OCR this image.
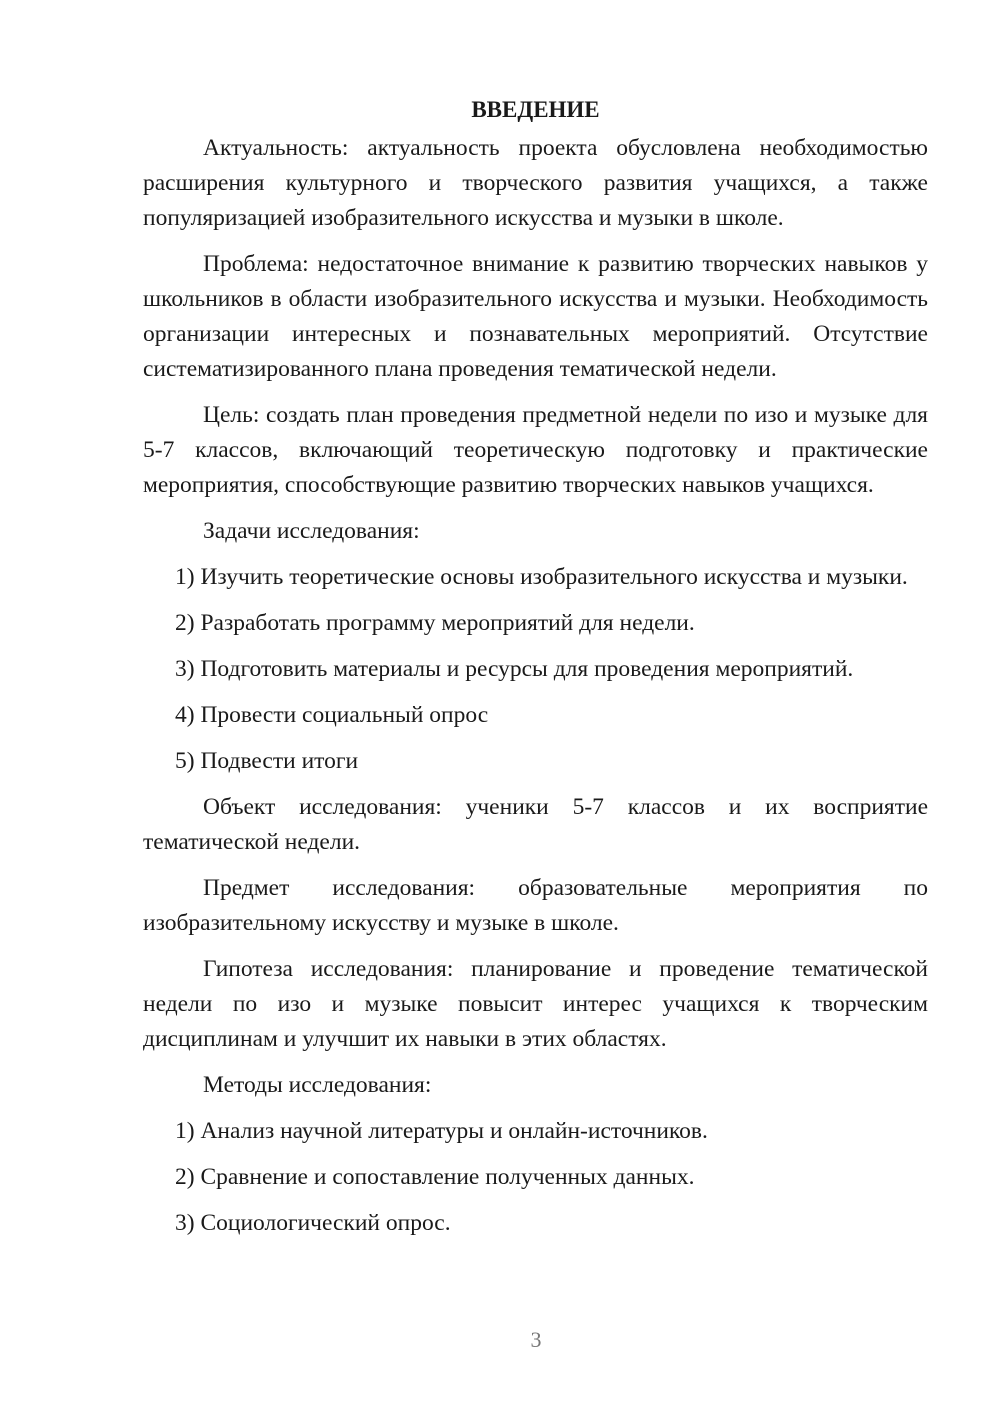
ВВЕДЕНИЕ
Актуальность: актуальность проекта обусловлена необходимостью расширения культурного и творческого развития учащихся, а также популяризацией изобразительного искусства и музыки в школе.
Проблема: недостаточное внимание к развитию творческих навыков у школьников в области изобразительного искусства и музыки. Необходимость организации интересных и познавательных мероприятий. Отсутствие систематизированного плана проведения тематической недели.
Цель: создать план проведения предметной недели по изо и музыке для 5-7 классов, включающий теоретическую подготовку и практические мероприятия, способствующие развитию творческих навыков учащихся.
Задачи исследования:
1) Изучить теоретические основы изобразительного искусства и музыки.
2) Разработать программу мероприятий для недели.
3) Подготовить материалы и ресурсы для проведения мероприятий.
4) Провести социальный опрос
5) Подвести итоги
Объект исследования: ученики 5-7 классов и их восприятие тематической недели.
Предмет исследования: образовательные мероприятия по изобразительному искусству и музыке в школе.
Гипотеза исследования: планирование и проведение тематической недели по изо и музыке повысит интерес учащихся к творческим дисциплинам и улучшит их навыки в этих областях.
Методы исследования:
1) Анализ научной литературы и онлайн-источников.
2) Сравнение и сопоставление полученных данных.
3) Социологический опрос.
3
